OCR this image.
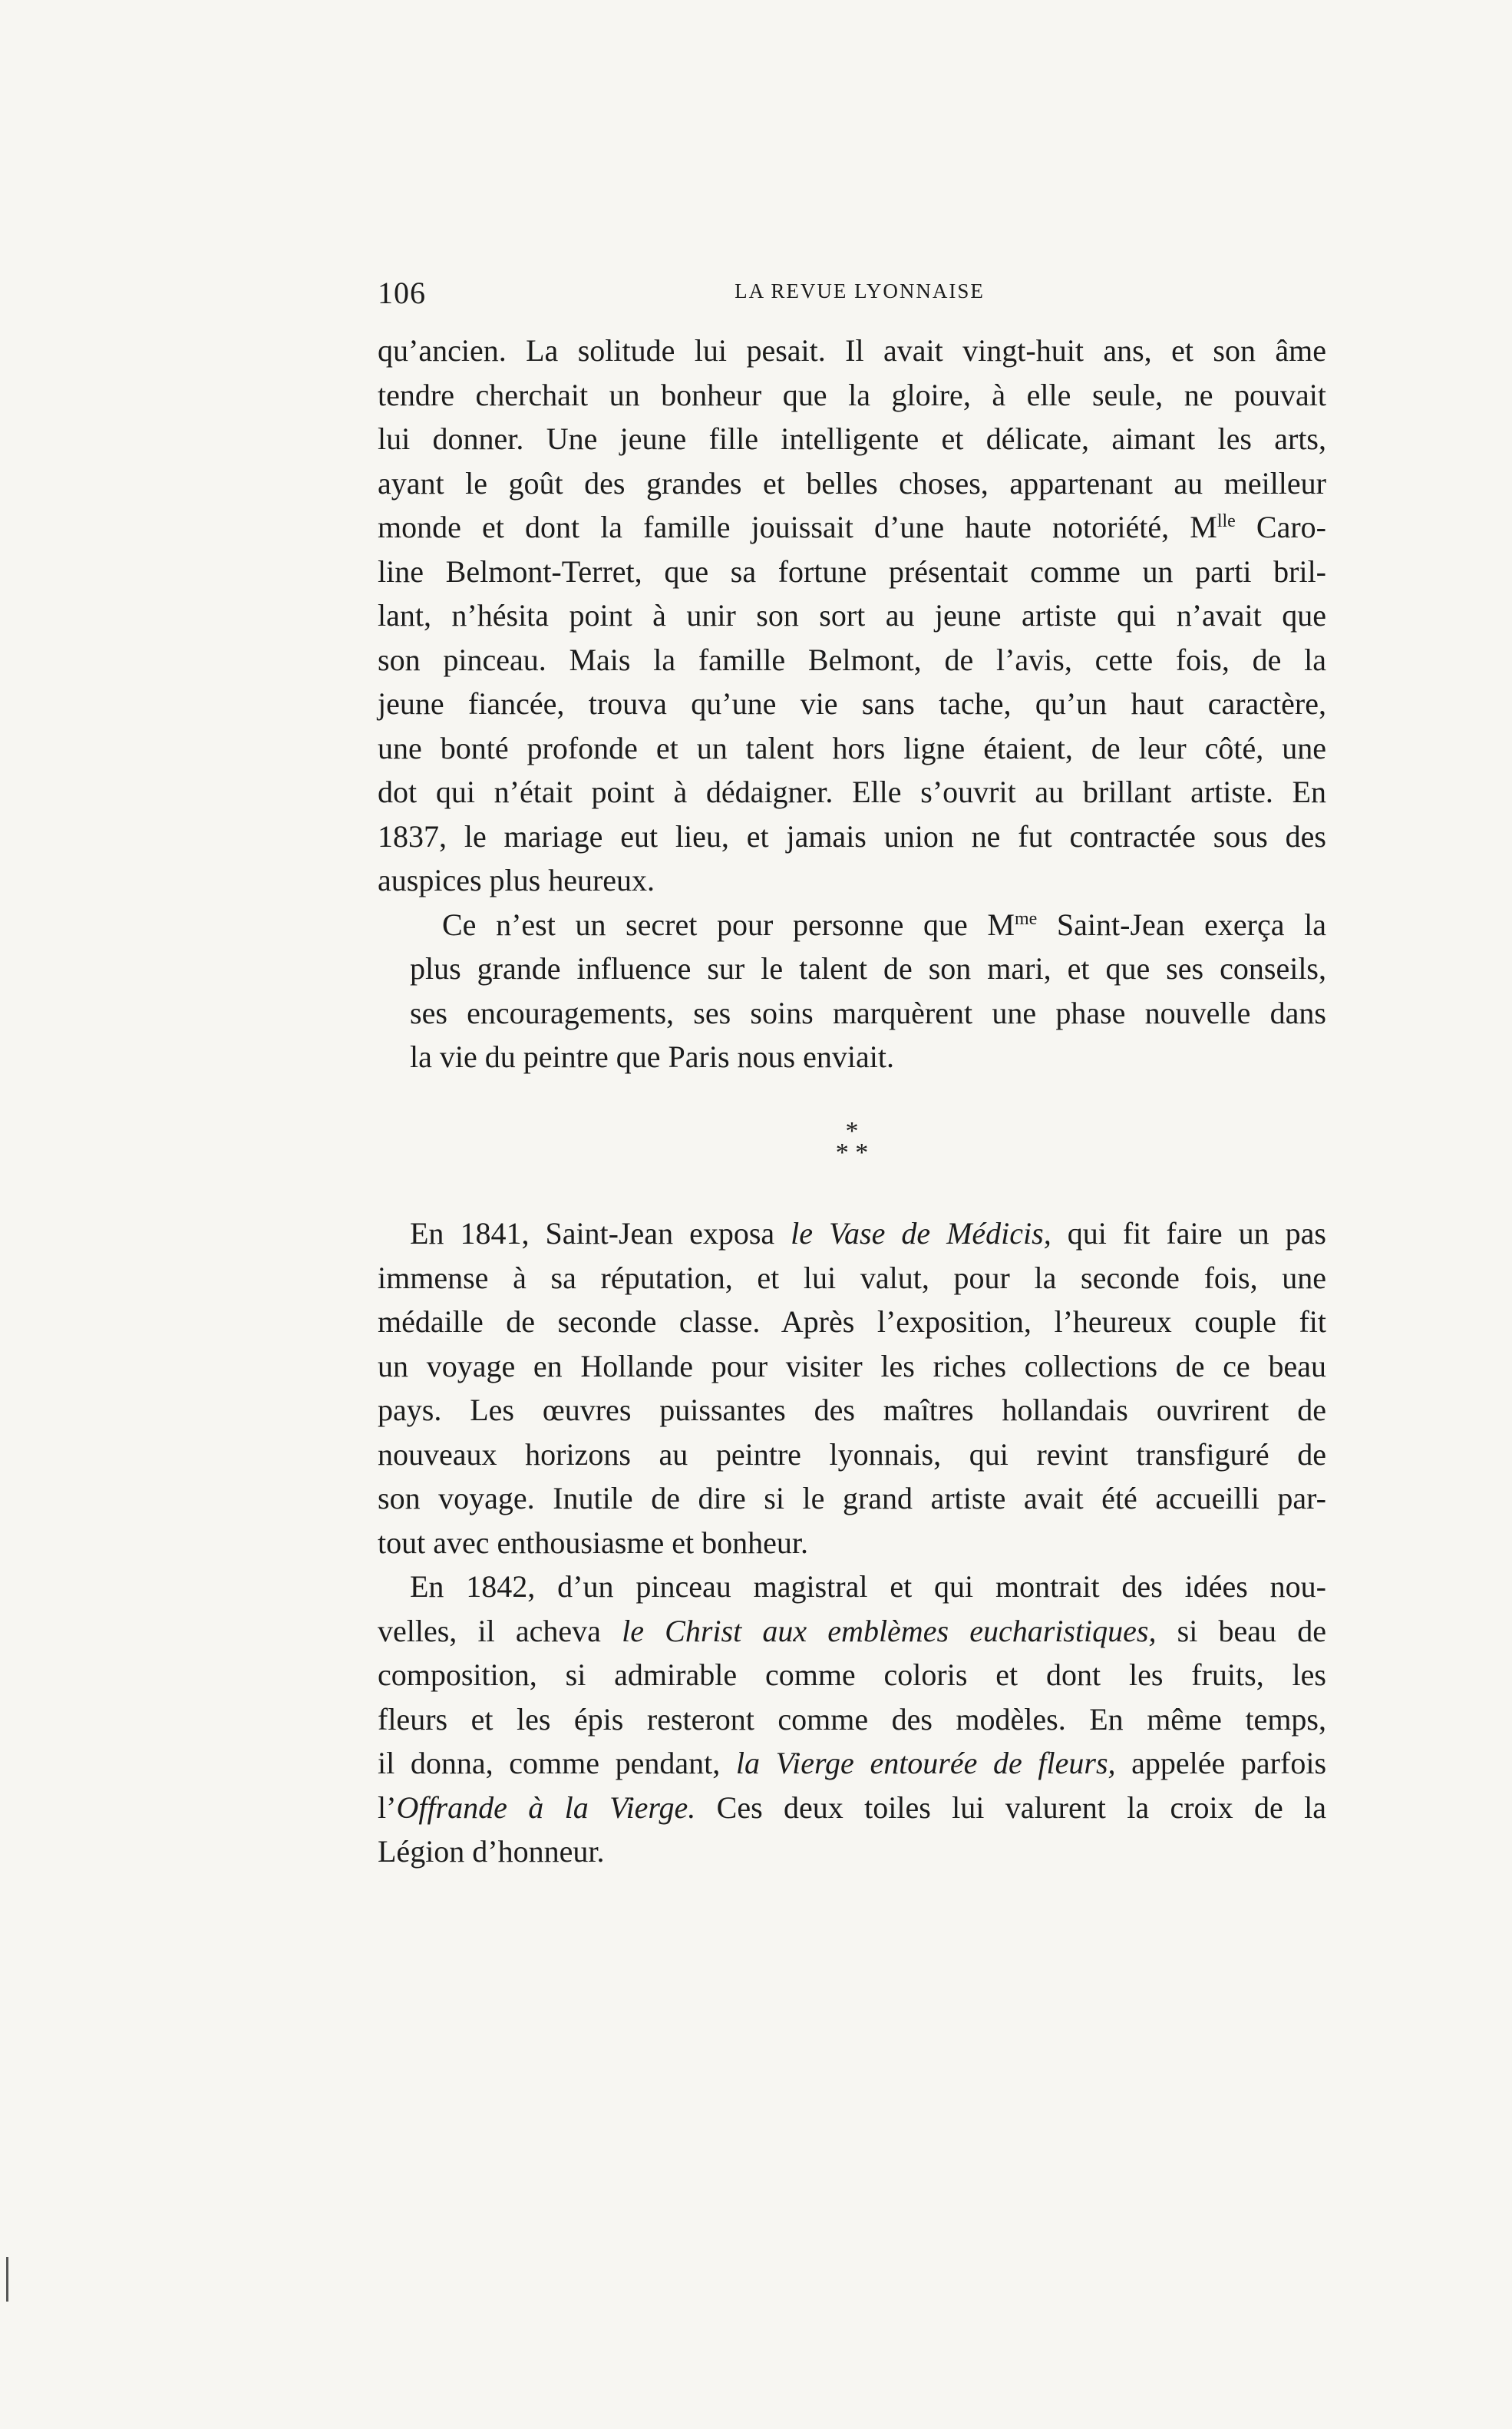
106	LA REVUE LYONNAISE

qu’ancien. La solitude lui pesait. Il avait vingt-huit ans, et son âme
tendre cherchait un bonheur que la gloire, à elle seule, ne pouvait
lui donner. Une jeune fille intelligente et délicate, aimant les arts,
ayant le goût des grandes et belles choses, appartenant au meilleur
monde et dont la famille jouissait d’une haute notoriété, $M^{lle}$ Caro-
line Belmont-Terret, que sa fortune présentait comme un parti bril-
lant, n’hésita point à unir son sort au jeune artiste qui n’avait que
son pinceau. Mais la famille Belmont, de l’avis, cette fois, de la
jeune fiancée, trouva qu’une vie sans tache, qu’un haut caractère,
une bonté profonde et un talent hors ligne étaient, de leur côté, une
dot qui n’était point à dédaigner. Elle s’ouvrit au brillant artiste. En
1837, le mariage eut lieu, et jamais union ne fut contractée sous des
auspices plus heureux.

Ce n’est un secret pour personne que $M^{me}$ Saint-Jean exerça la
plus grande influence sur le talent de son mari, et que ses conseils,
ses encouragements, ses soins marquèrent une phase nouvelle dans
la vie du peintre que Paris nous enviait.

*
* *

En 1841, Saint-Jean exposa le Vase de Médicis, qui fit faire un pas
immense à sa réputation, et lui valut, pour la seconde fois, une
médaille de seconde classe. Après l’exposition, l’heureux couple fit
un voyage en Hollande pour visiter les riches collections de ce beau
pays. Les œuvres puissantes des maîtres hollandais ouvrirent de
nouveaux horizons au peintre lyonnais, qui revint transfiguré de
son voyage. Inutile de dire si le grand artiste avait été accueilli par-
tout avec enthousiasme et bonheur.

En 1842, d’un pinceau magistral et qui montrait des idées nou-
velles, il acheva le Christ aux emblèmes eucharistiques, si beau de
composition, si admirable comme coloris et dont les fruits, les
fleurs et les épis resteront comme des modèles. En même temps,
il donna, comme pendant, la Vierge entourée de fleurs, appelée parfois
l’Offrande à la Vierge. Ces deux toiles lui valurent la croix de la
Légion d’honneur.
